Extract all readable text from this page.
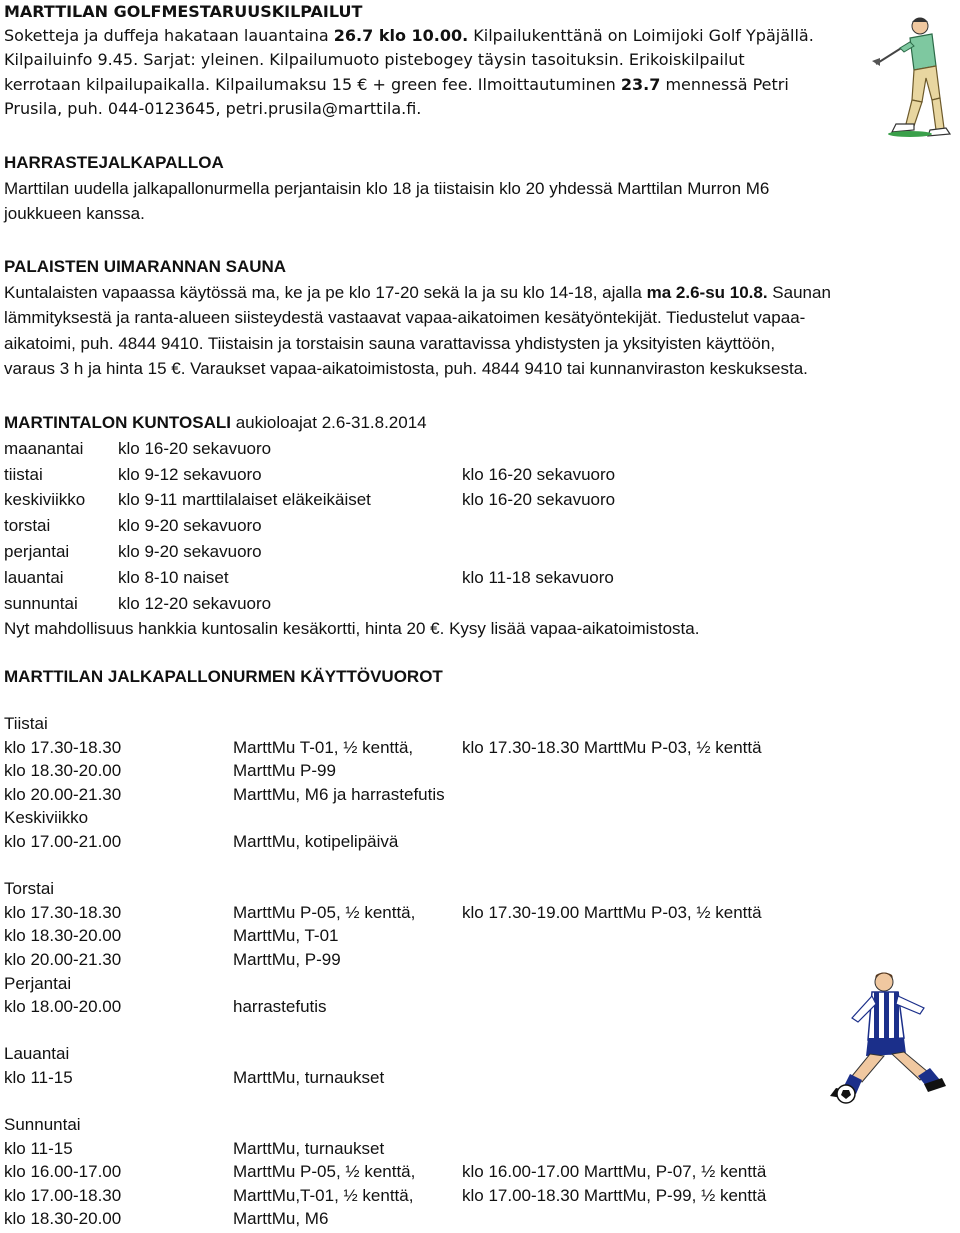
MARTTILAN GOLFMESTARUUSKILPAILUT
Soketteja ja duffeja hakataan lauantaina 26.7 klo 10.00. Kilpailukenttänä on Loimijoki Golf Ypäjällä.
Kilpailuinfo 9.45. Sarjat: yleinen. Kilpailumuoto pistebogey täysin tasoituksin. Erikoiskilpailut
kerrotaan kilpailupaikalla. Kilpailumaksu 15 € + green fee. Ilmoittautuminen 23.7 mennessä Petri
Prusila, puh. 044-0123645, petri.prusila@marttila.fi.
HARRASTEJALKAPALLOA
Marttilan uudella jalkapallonurmella perjantaisin klo 18 ja tiistaisin klo 20 yhdessä Marttilan Murron M6
joukkueen kanssa.
PALAISTEN UIMARANNAN SAUNA
Kuntalaisten vapaassa käytössä ma, ke ja pe klo 17-20 sekä la ja su klo 14-18, ajalla ma 2.6-su 10.8. Saunan
lämmityksestä ja ranta-alueen siisteydestä vastaavat vapaa-aikatoimen kesätyöntekijät. Tiedustelut vapaa-
aikatoimi, puh. 4844 9410. Tiistaisin ja torstaisin sauna varattavissa yhdistysten ja yksityisten käyttöön,
varaus 3 h ja hinta 15 €. Varaukset vapaa-aikatoimistosta, puh. 4844 9410 tai kunnanviraston keskuksesta.
MARTINTALON KUNTOSALI aukioloajat 2.6-31.8.2014
maanantai klo 16-20 sekavuoro
tiistai	klo 9-12 sekavuoro	klo 16-20 sekavuoro
keskiviikko klo 9-11 marttilalaiset eläkeikäiset	klo 16-20 sekavuoro
torstai	klo 9-20 sekavuoro
perjantai	klo 9-20 sekavuoro
lauantai	klo 8-10 naiset	klo 11-18 sekavuoro
sunnuntai klo 12-20 sekavuoro
Nyt mahdollisuus hankkia kuntosalin kesäkortti, hinta 20 €. Kysy lisää vapaa-aikatoimistosta.
MARTTILAN JALKAPALLONURMEN KÄYTTÖVUOROT
Tiistai
klo 17.30-18.30	MarttMu T-01, ½ kenttä,	klo 17.30-18.30 MarttMu P-03, ½ kenttä
klo 18.30-20.00	MarttMu P-99
klo 20.00-21.30	MarttMu, M6 ja harrastefutis
Keskiviikko
klo 17.00-21.00	MarttMu, kotipelipäivä
Torstai
klo 17.30-18.30	MarttMu P-05, ½ kenttä,	klo 17.30-19.00 MarttMu P-03, ½ kenttä
klo 18.30-20.00	MarttMu, T-01
klo 20.00-21.30	MarttMu, P-99
Perjantai
klo 18.00-20.00	harrastefutis
Lauantai
klo 11-15	MarttMu, turnaukset
Sunnuntai
klo 11-15	MarttMu, turnaukset
klo 16.00-17.00	MarttMu P-05, ½ kenttä,	klo 16.00-17.00 MarttMu, P-07, ½ kenttä
klo 17.00-18.30	MarttMu,T-01, ½ kenttä,	klo 17.00-18.30 MarttMu, P-99, ½ kenttä
klo 18.30-20.00	MarttMu, M6
